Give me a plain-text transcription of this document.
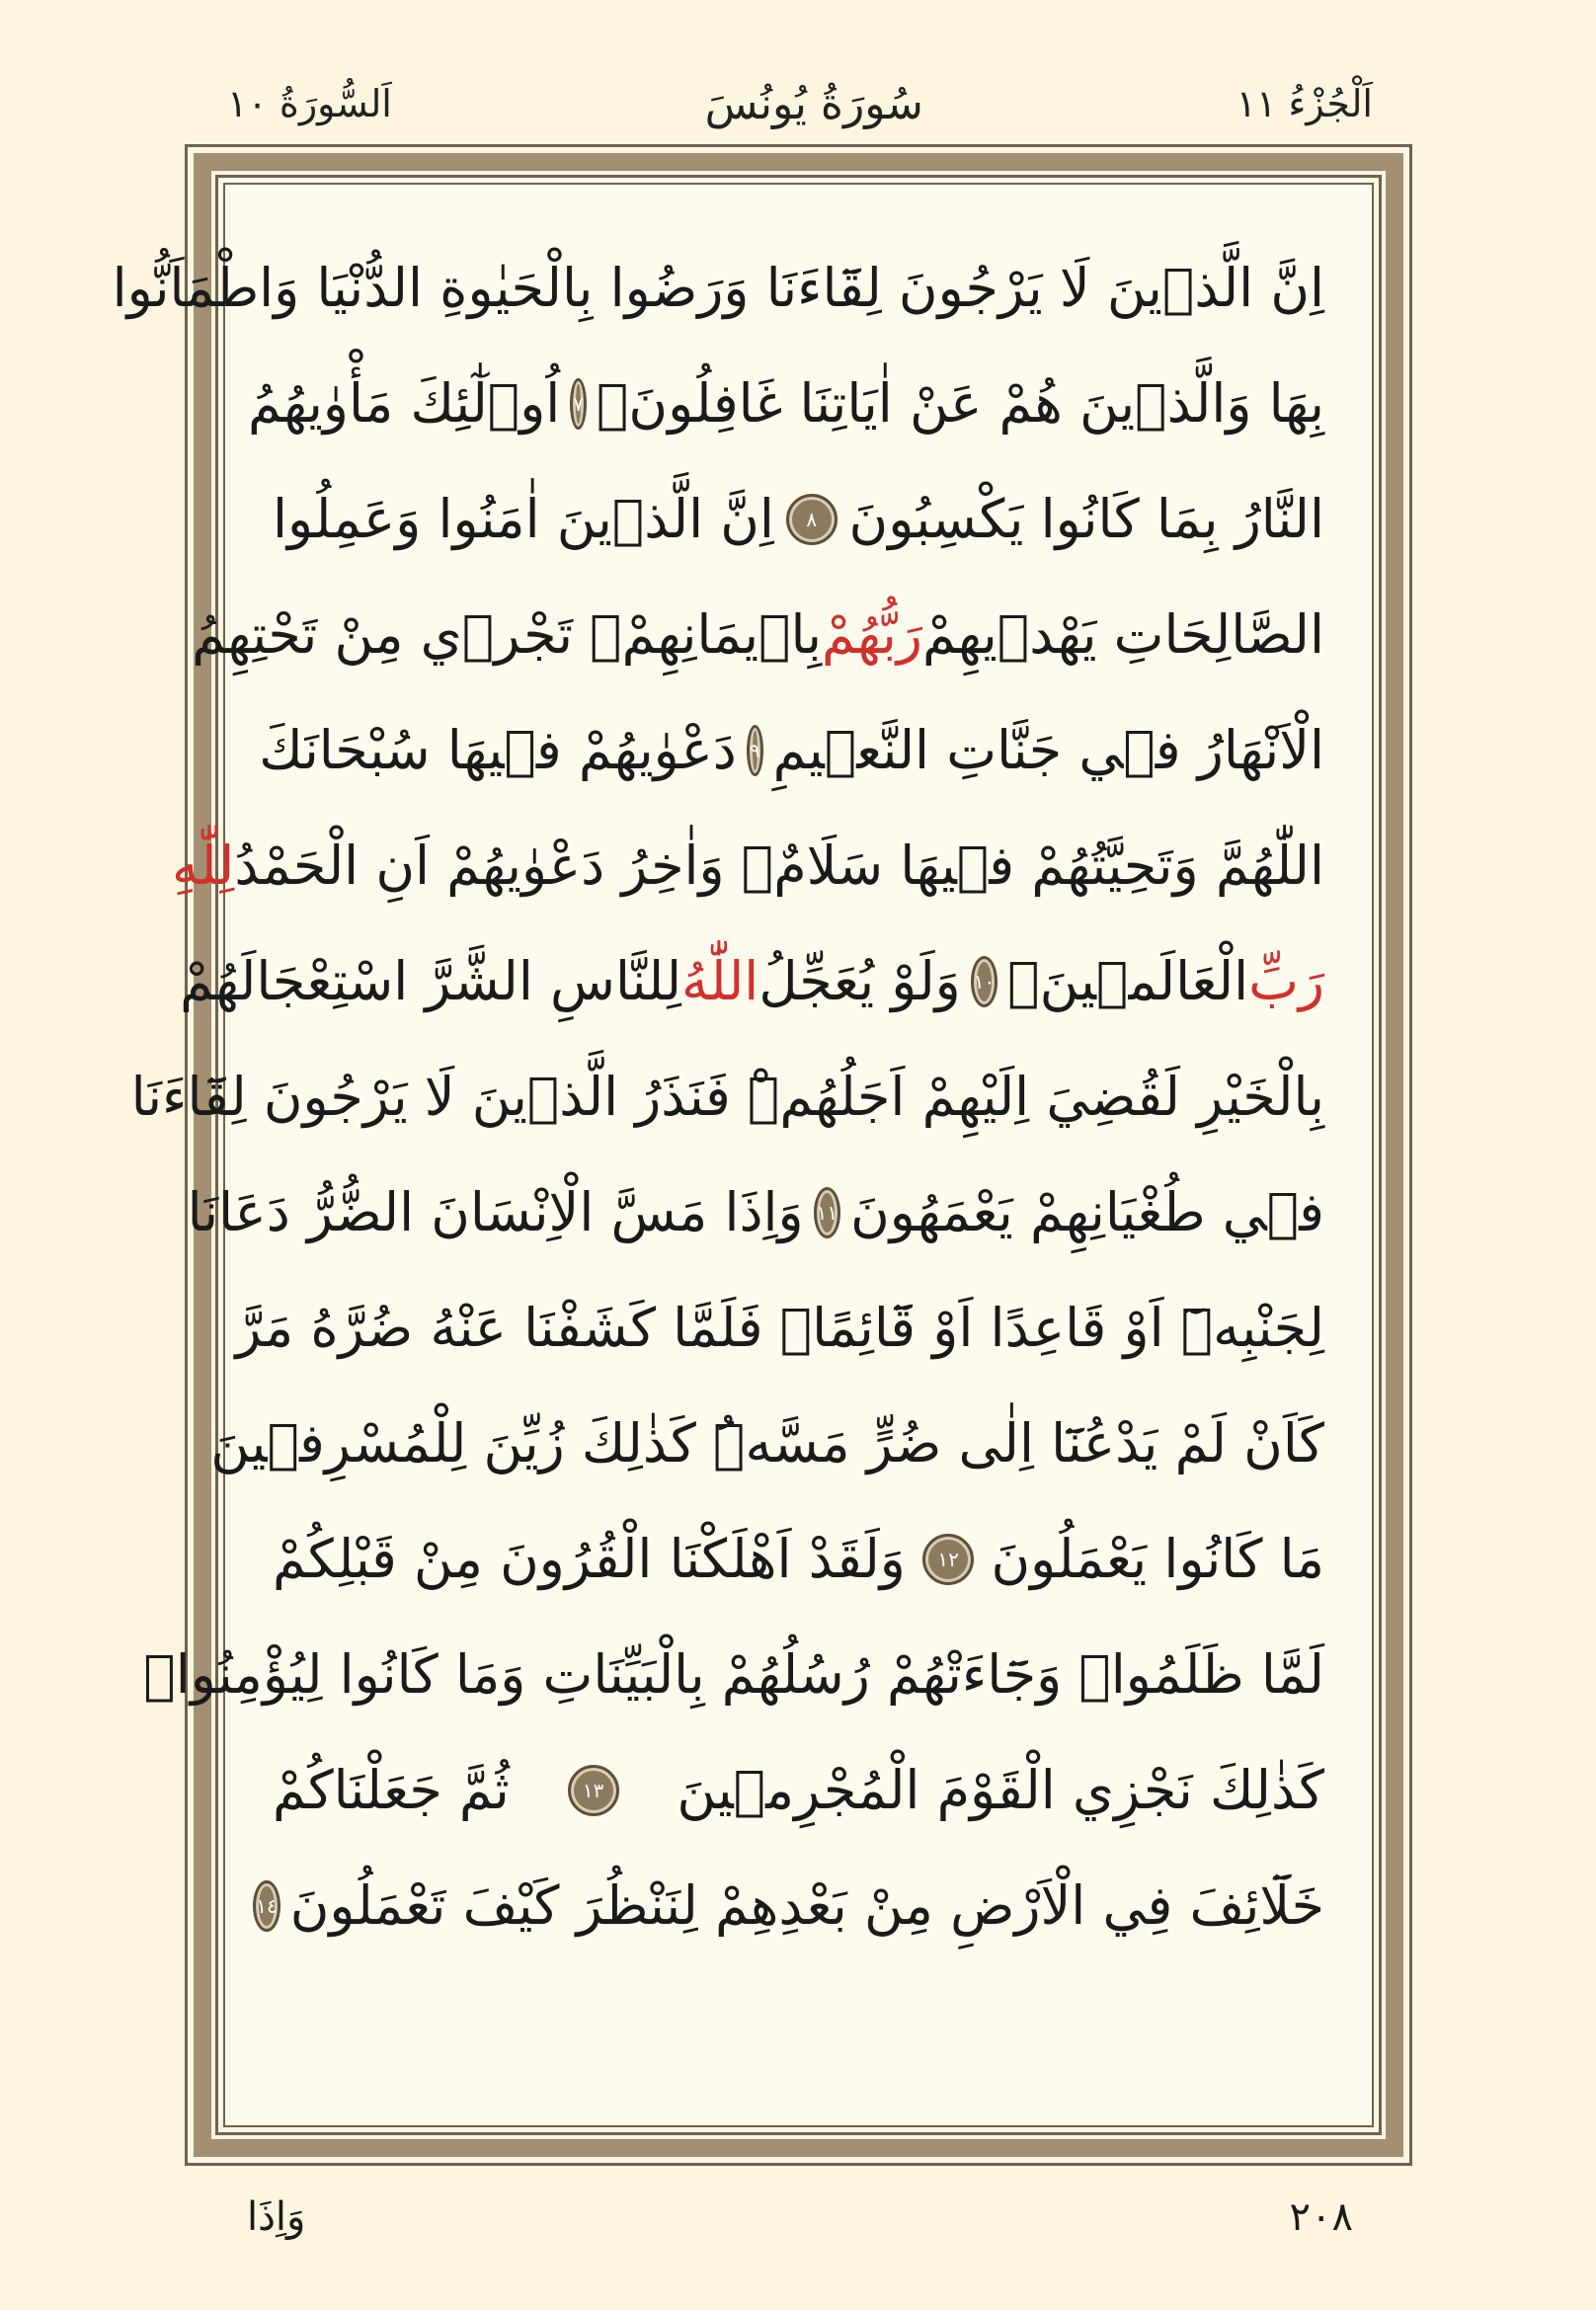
اَلْجُزْءُ ١١
سُورَةُ يُونُسَ
اَلسُّورَةُ ١٠
اِنَّ الَّذ۪ينَ لَا يَرْجُونَ لِقَٓاءَنَا وَرَضُوا بِالْحَيٰوةِ الدُّنْيَا وَاطْمَاَنُّوا
بِهَا وَالَّذ۪ينَ هُمْ عَنْ اٰيَاتِنَا غَافِلُونَۙ
٧
اُو۬لٰٓئِكَ مَأْوٰيهُمُ
النَّارُ بِمَا كَانُوا يَكْسِبُونَ
٨
اِنَّ الَّذ۪ينَ اٰمَنُوا وَعَمِلُوا
الصَّالِحَاتِ يَهْد۪يهِمْ
رَبُّهُمْ
بِا۪يمَانِهِمْۚ تَجْر۪ي مِنْ تَحْتِهِمُ
الْاَنْهَارُ ف۪ي جَنَّاتِ النَّع۪يمِ
٩
دَعْوٰيهُمْ ف۪يهَا سُبْحَانَكَ
اللّٰهُمَّ وَتَحِيَّتُهُمْ ف۪يهَا سَلَامٌۚ وَاٰخِرُ دَعْوٰيهُمْ اَنِ الْحَمْدُ
لِلّٰهِ
رَبِّ
الْعَالَم۪ينَ۟
١٠
وَلَوْ يُعَجِّلُ
اللّٰهُ
لِلنَّاسِ الشَّرَّ اسْتِعْجَالَهُمْ
بِالْخَيْرِ لَقُضِيَ اِلَيْهِمْ اَجَلُهُمْۜ فَنَذَرُ الَّذ۪ينَ لَا يَرْجُونَ لِقَٓاءَنَا
ف۪ي طُغْيَانِهِمْ يَعْمَهُونَ
١١
وَاِذَا مَسَّ الْاِنْسَانَ الضُّرُّ دَعَانَا
لِجَنْبِه۪ٓ اَوْ قَاعِدًا اَوْ قَٓائِمًاۚ فَلَمَّا كَشَفْنَا عَنْهُ ضُرَّهُ مَرَّ
كَاَنْ لَمْ يَدْعُنَٓا اِلٰى ضُرٍّ مَسَّهُۜ كَذٰلِكَ زُيِّنَ لِلْمُسْرِف۪ينَ
مَا كَانُوا يَعْمَلُونَ
١٢
وَلَقَدْ اَهْلَكْنَا الْقُرُونَ مِنْ قَبْلِكُمْ
لَمَّا ظَلَمُواۙ وَجَٓاءَتْهُمْ رُسُلُهُمْ بِالْبَيِّنَاتِ وَمَا كَانُوا لِيُؤْمِنُواۜ
كَذٰلِكَ نَجْزِي الْقَوْمَ الْمُجْرِم۪ينَ
١٣
ثُمَّ جَعَلْنَاكُمْ
خَلَٓائِفَ فِي الْاَرْضِ مِنْ بَعْدِهِمْ لِنَنْظُرَ كَيْفَ تَعْمَلُونَ
١٤
٢٠٨
وَاِذَا
